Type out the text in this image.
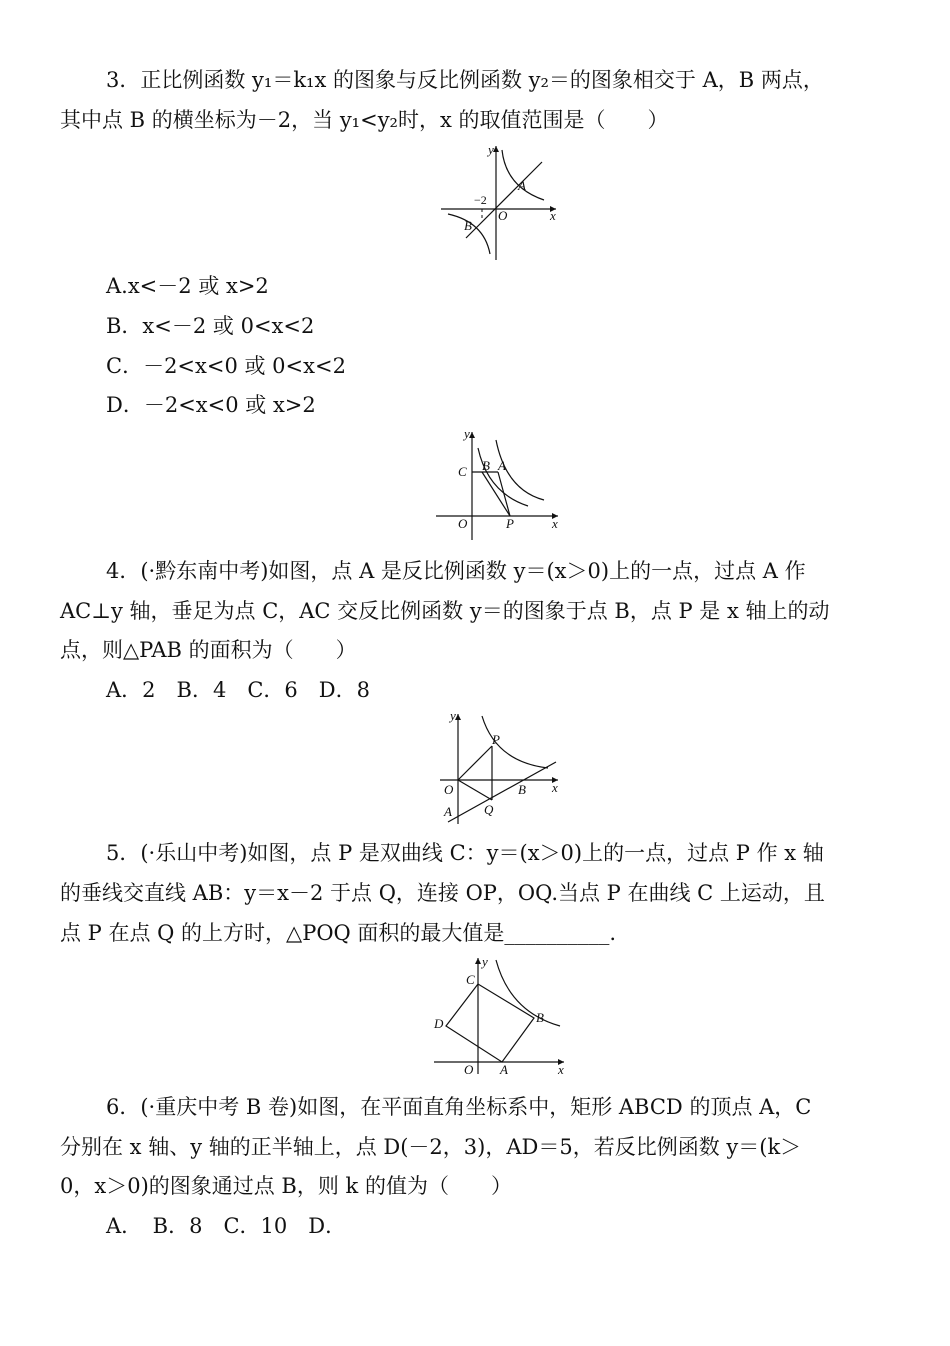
3．正比例函数 y₁＝k₁x 的图象与反比例函数 y₂＝的图象相交于 A，B 两点，
其中点 B 的横坐标为－2，当 y₁<y₂时，x 的取值范围是（　　）
y
x
O
A
B
−2
A.x<－2 或 x>2
B．x<－2 或 0<x<2
C．－2<x<0 或 0<x<2
D．－2<x<0 或 x>2
y
x
O
C B A
P
4．(·黔东南中考)如图，点 A 是反比例函数 y＝(x＞0)上的一点，过点 A 作
AC⊥y 轴，垂足为点 C，AC 交反比例函数 y＝的图象于点 B，点 P 是 x 轴上的动
点，则△PAB 的面积为（　　）
A．2　B．4　C．6　D．8
y
x
O
P
Q
B
A
5．(·乐山中考)如图，点 P 是双曲线 C：y＝(x＞0)上的一点，过点 P 作 x 轴
的垂线交直线 AB：y＝x－2 于点 Q，连接 OP，OQ.当点 P 在曲线 C 上运动，且
点 P 在点 Q 的上方时，△POQ 面积的最大值是__________.
y
x
O
C
D
A
B
6．(·重庆中考 B 卷)如图，在平面直角坐标系中，矩形 ABCD 的顶点 A，C
分别在 x 轴、y 轴的正半轴上，点 D(－2，3)，AD＝5，若反比例函数 y＝(k＞
0，x＞0)的图象通过点 B，则 k 的值为（　　）
A．　B．8　C．10　D．
